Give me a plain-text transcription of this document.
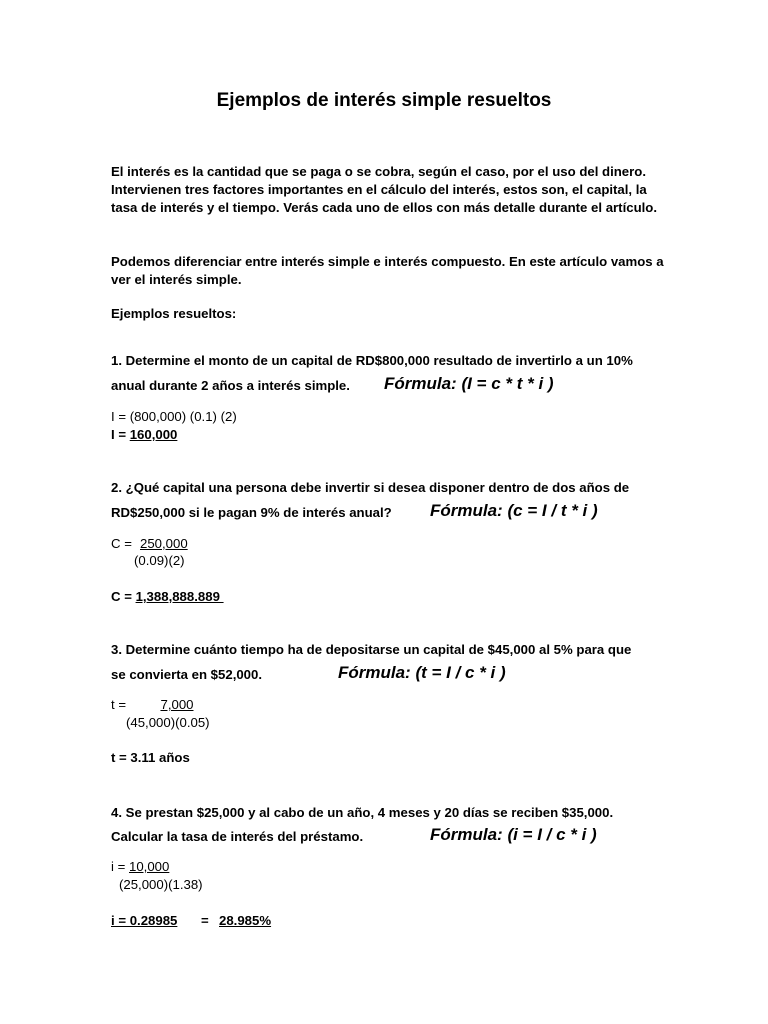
Ejemplos de interés simple resueltos
El interés es la cantidad que se paga o se cobra, según el caso, por el uso del dinero. Intervienen tres factores importantes en el cálculo del interés, estos son, el capital, la tasa de interés y el tiempo. Verás cada uno de ellos con más detalle durante el artículo.
Podemos diferenciar entre interés simple e interés compuesto. En este artículo vamos a ver el interés simple.
Ejemplos resueltos:
1. Determine el monto de un capital de RD$800,000 resultado de invertirlo a un 10%
anual durante 2 años a interés simple. Fórmula: (I = c * t * i )
I = (800,000) (0.1) (2)
I = 160,000
2. ¿Qué capital una persona debe invertir si desea disponer dentro de dos años de
RD$250,000 si le pagan 9% de interés anual? Fórmula: (c = I / t * i )
C = 250,000
(0.09)(2)
C = 1,388,888.889
3. Determine cuánto tiempo ha de depositarse un capital de $45,000 al 5% para que
se convierta en $52,000.	Fórmula: (t = I / c * i )
t =	7,000
(45,000)(0.05)
t = 3.11 años
4. Se prestan $25,000 y al cabo de un año, 4 meses y 20 días se reciben $35,000.
Calcular la tasa de interés del préstamo.	Fórmula: (i = I / c * i )
i = 10,000
(25,000)(1.38)
i = 0.28985 = 28.985%
